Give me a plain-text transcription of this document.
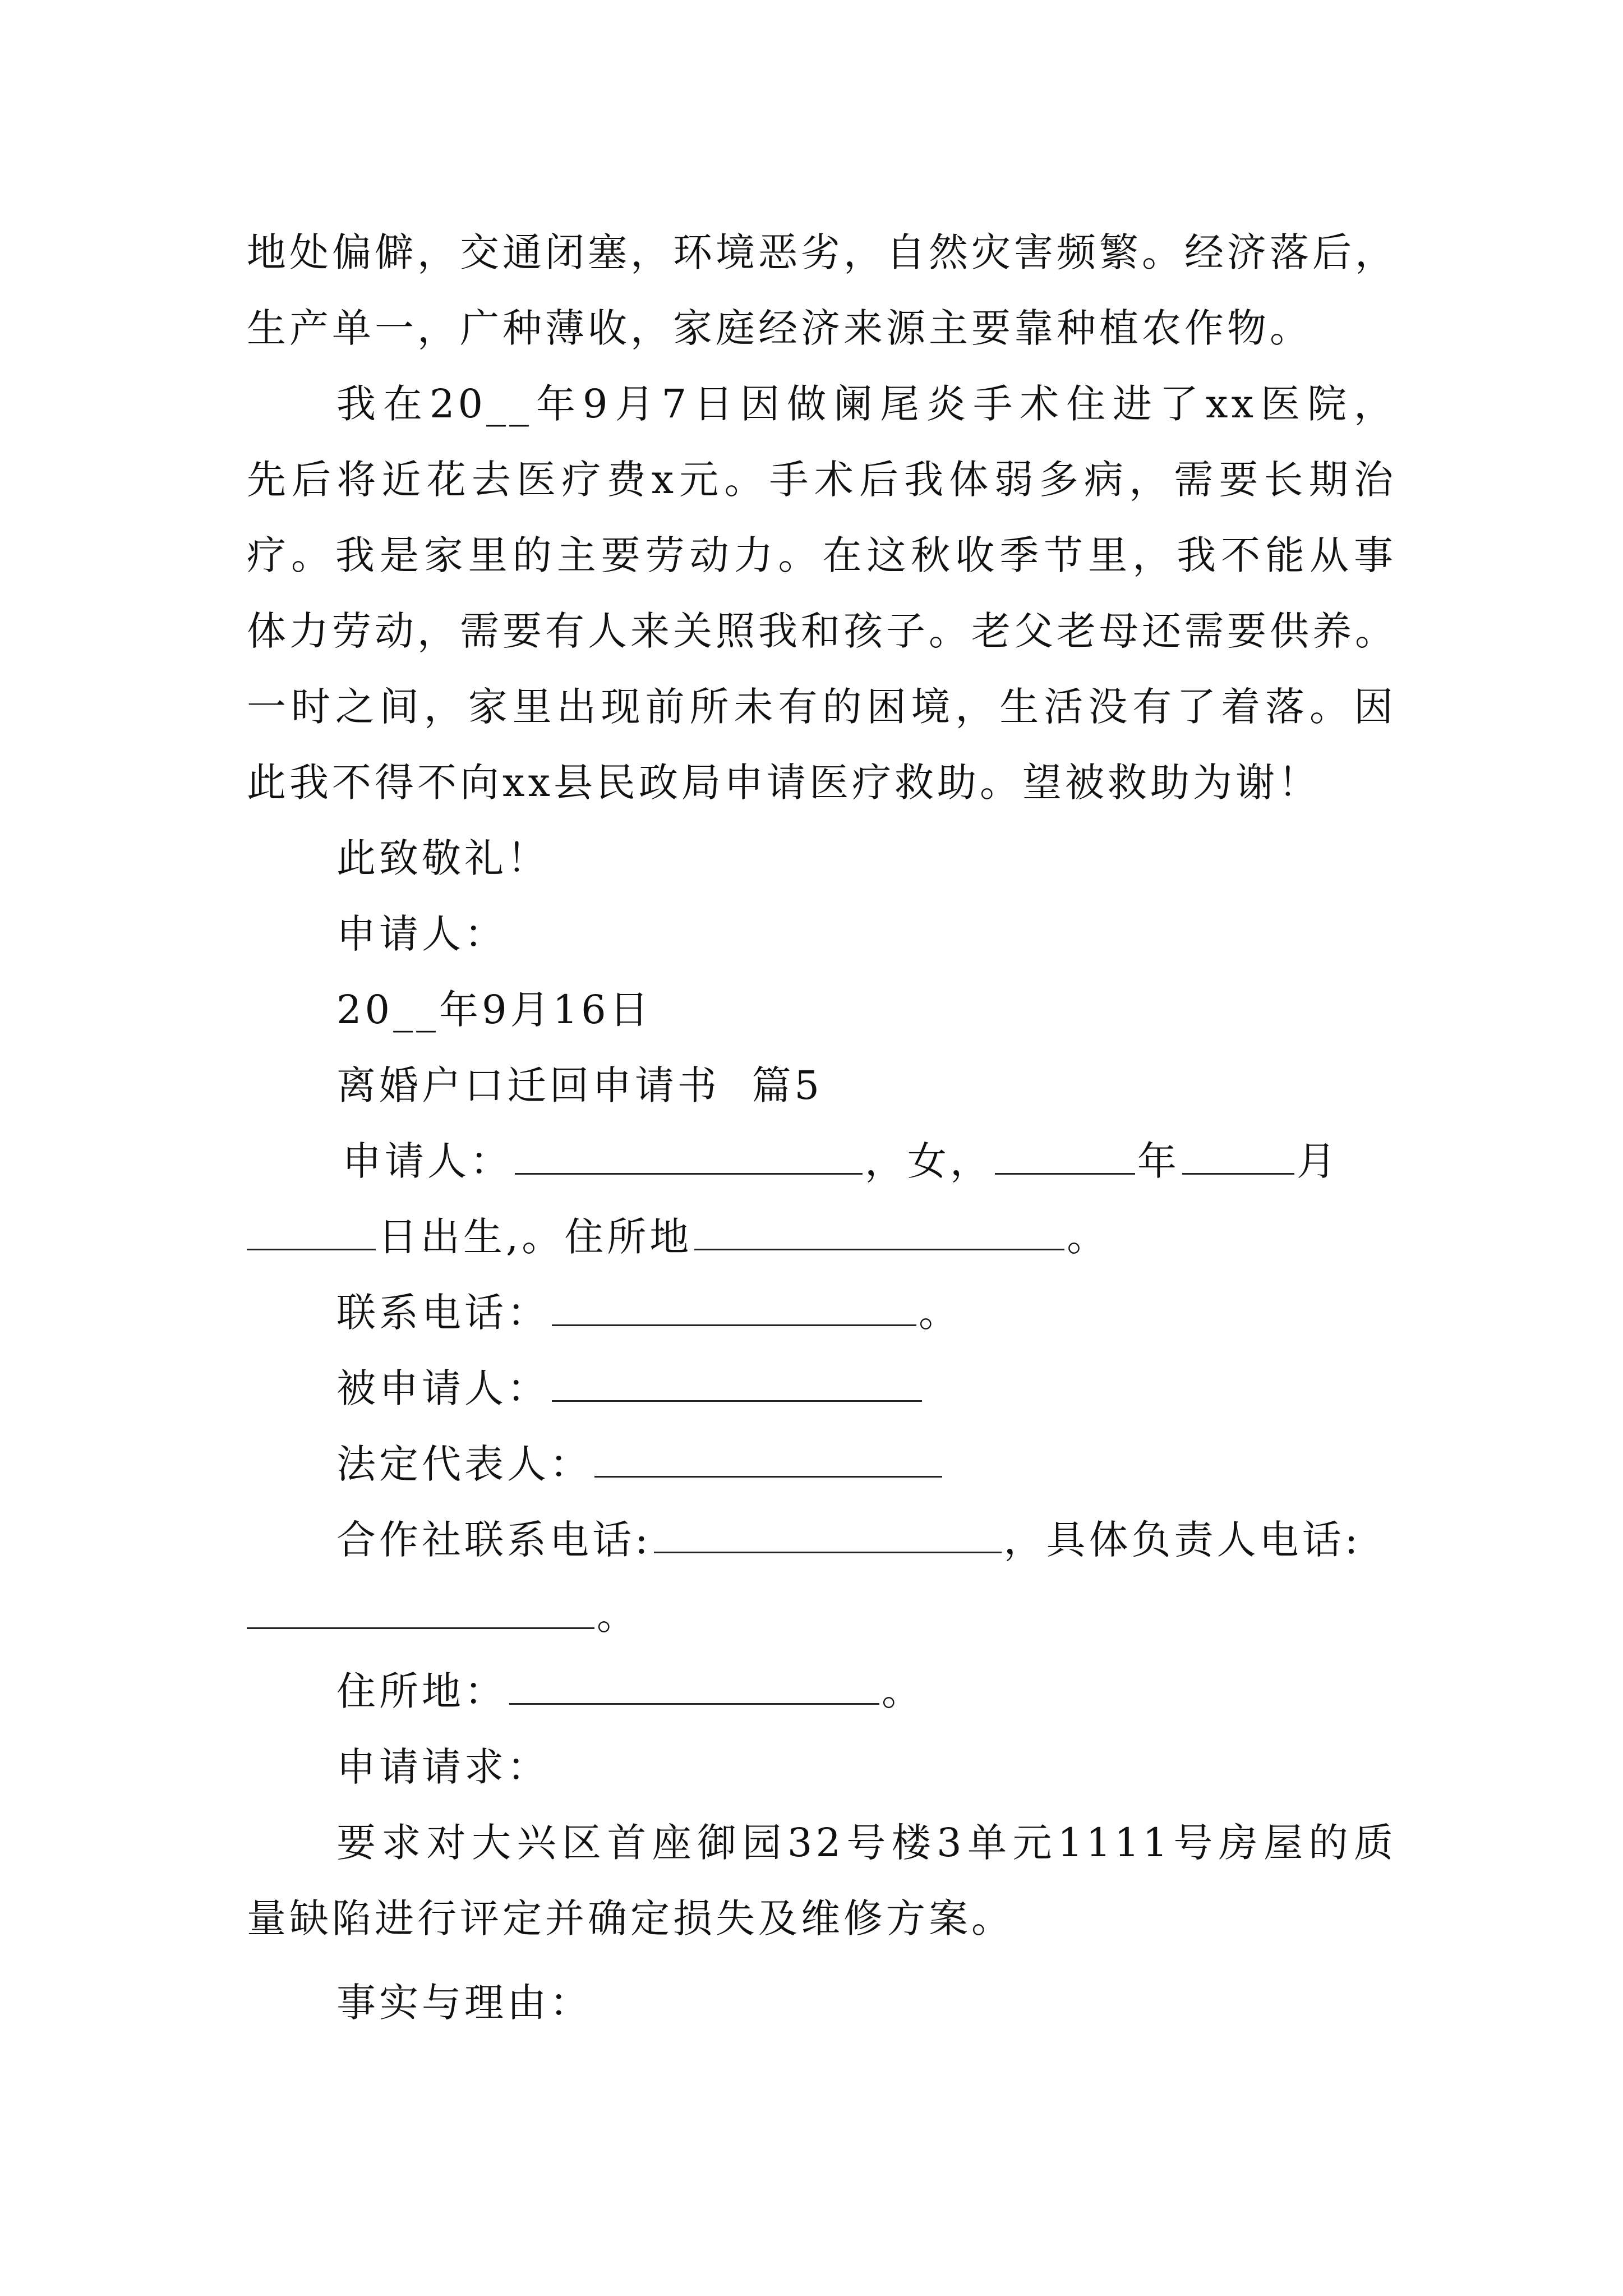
地处偏僻，交通闭塞，环境恶劣，自然灾害频繁。经济落后，
生产单一，广种薄收，家庭经济来源主要靠种植农作物。
我在20__年9月7日因做阑尾炎手术住进了xx医院，
先后将近花去医疗费x元。手术后我体弱多病，需要长期治
疗。我是家里的主要劳动力。在这秋收季节里，我不能从事
体力劳动，需要有人来关照我和孩子。老父老母还需要供养。
一时之间，家里出现前所未有的困境，生活没有了着落。因
此我不得不向xx县民政局申请医疗救助。望被救助为谢！
此致敬礼！
申请人：
20__年9月16日
离婚户口迁回申请书  篇5
申请人：	，女，	年	月
日出生,。住所地	。
联系电话：	。
被申请人：
法定代表人：
合作社联系电话:	，具体负责人电话:
。
住所地：	。
申请请求：
要求对大兴区首座御园32号楼3单元1111号房屋的质
量缺陷进行评定并确定损失及维修方案。
事实与理由：
